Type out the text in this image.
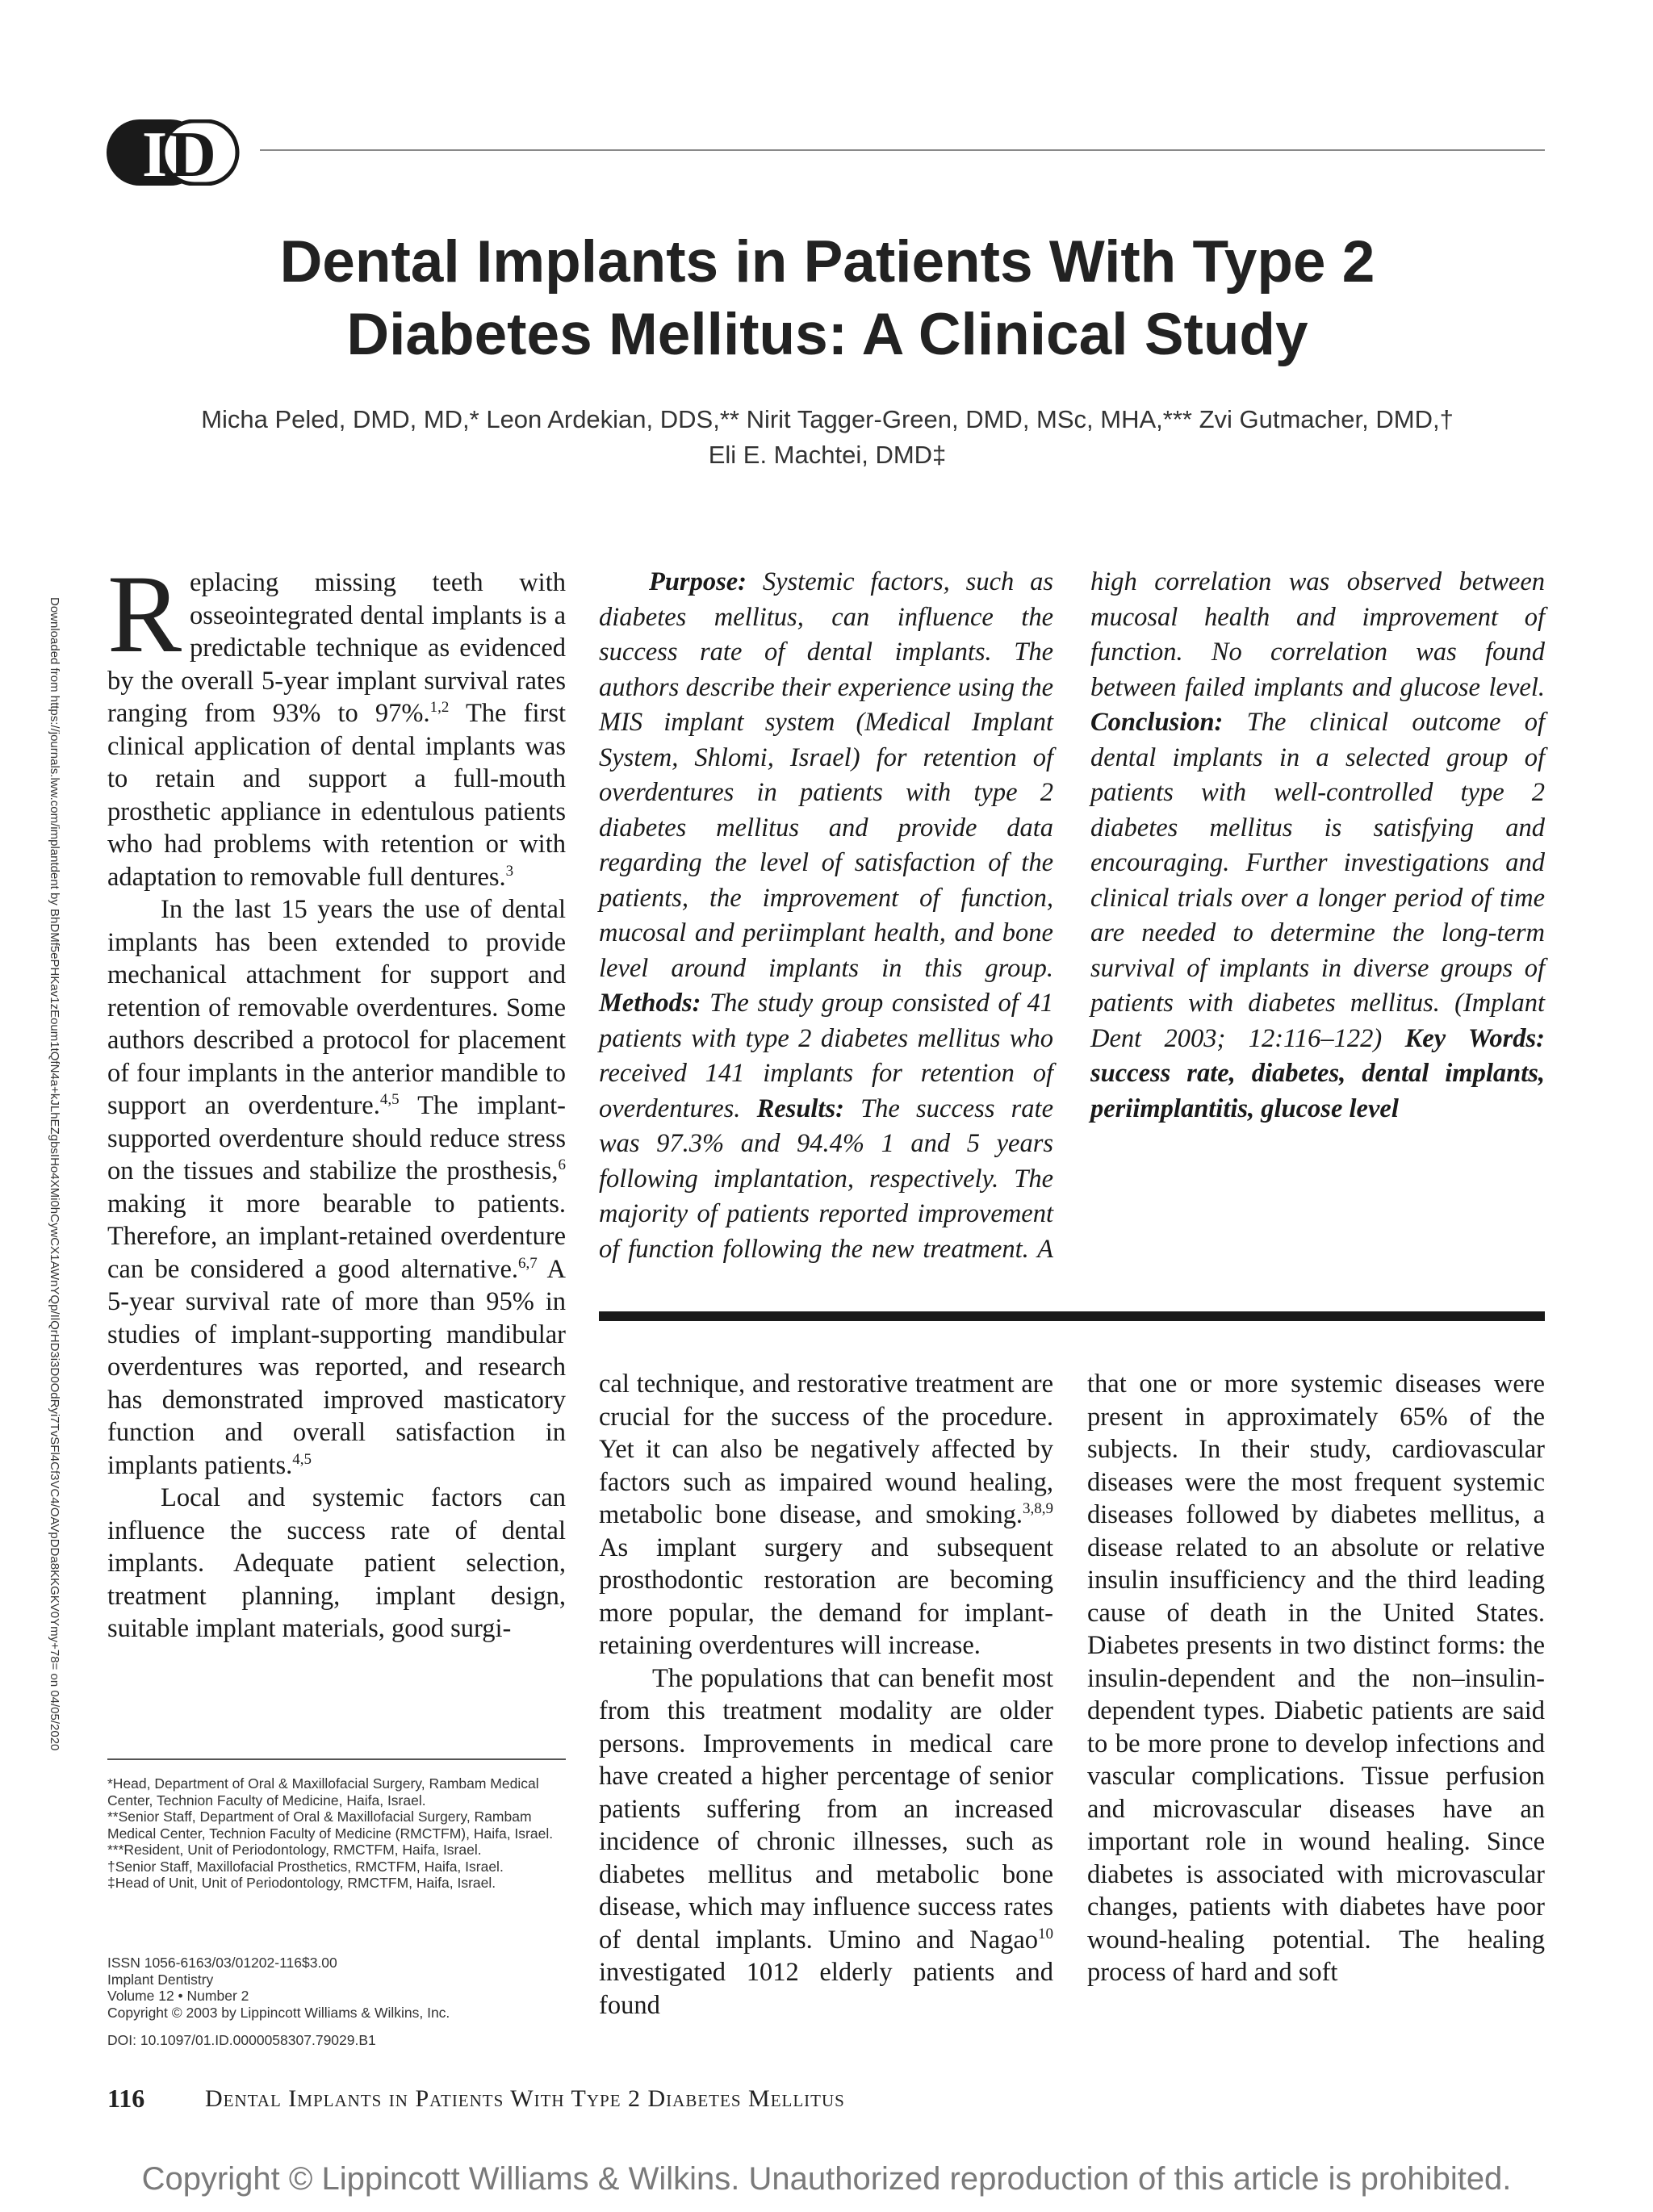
I D
Dental Implants in Patients With Type 2
Diabetes Mellitus: A Clinical Study
Micha Peled, DMD, MD,* Leon Ardekian, DDS,** Nirit Tagger-Green, DMD, MSc, MHA,*** Zvi Gutmacher, DMD,†
Eli E. Machtei, DMD‡
Downloaded from https://journals.lww.com/implantdent by BhDMf5ePHKav1zEoum1tQfN4a+kJLhEZgbsIHo4XMi0hCywCX1AWnYQp/IlQrHD3i3D0OdRyi7TvSFl4Cf3VC4/OAVpDDa8KKGKV0Ymy+78= on 04/05/2020 Replacing missing teeth with osseointegrated dental implants is a predictable technique as evidenced by the overall 5-year implant survival rates ranging from 93% to 97%.$^{1,2}$ The first clinical application of dental implants was to retain and support a full-mouth prosthetic appliance in edentulous patients who had problems with retention or with adaptation to removable full dentures.$^3$

In the last 15 years the use of dental implants has been extended to provide mechanical attachment for support and retention of removable overdentures. Some authors described a protocol for placement of four implants in the anterior mandible to support an overdenture.$^{4,5}$ The implant-supported overdenture should reduce stress on the tissues and stabilize the prosthesis,$^6$ making it more bearable to patients. Therefore, an implant-retained overdenture can be considered a good alternative.$^{6,7}$ A 5-year survival rate of more than 95% in studies of implant-supporting mandibular overdentures was reported, and research has demonstrated improved masticatory function and overall satisfaction in implants patients.$^{4,5}$

Local and systemic factors can influence the success rate of dental implants. Adequate patient selection, treatment planning, implant design, suitable implant materials, good surgi-

Purpose: Systemic factors, such as diabetes mellitus, can influence the success rate of dental implants. The authors describe their experience using the MIS implant system (Medical Implant System, Shlomi, Israel) for retention of overdentures in patients with type 2 diabetes mellitus and provide data regarding the level of satisfaction of the patients, the improvement of function, mucosal and periimplant health, and bone level around implants in this group. Methods: The study group consisted of 41 patients with type 2 diabetes mellitus who received 141 implants for retention of overdentures. Results: The success rate was 97.3% and 94.4% 1 and 5 years following implantation, respectively. The majority of patients reported improvement of function following the new treatment. A high correlation was observed between mucosal health and improvement of function. No correlation was found between failed implants and glucose level. Conclusion: The clinical outcome of dental implants in a selected group of patients with well-controlled type 2 diabetes mellitus is satisfying and encouraging. Further investigations and clinical trials over a longer period of time are needed to determine the long-term survival of implants in diverse groups of patients with diabetes mellitus. (Implant Dent 2003; 12:116–122) Key Words: success rate, diabetes, dental implants, periimplantitis, glucose level

cal technique, and restorative treatment are crucial for the success of the procedure. Yet it can also be negatively affected by factors such as impaired wound healing, metabolic bone disease, and smoking.$^{3,8,9}$ As implant surgery and subsequent prosthodontic restoration are becoming more popular, the demand for implant-retaining overdentures will increase.

The populations that can benefit most from this treatment modality are older persons. Improvements in medical care have created a higher percentage of senior patients suffering from an increased incidence of chronic illnesses, such as diabetes mellitus and metabolic bone disease, which may influence success rates of dental implants. Umino and Nagao$^{10}$ investigated 1012 elderly patients and found

that one or more systemic diseases were present in approximately 65% of the subjects. In their study, cardiovascular diseases were the most frequent systemic diseases followed by diabetes mellitus, a disease related to an absolute or relative insulin insufficiency and the third leading cause of death in the United States. Diabetes presents in two distinct forms: the insulin-dependent and the non–insulin-dependent types. Diabetic patients are said to be more prone to develop infections and vascular complications. Tissue perfusion and microvascular diseases have an important role in wound healing. Since diabetes is associated with microvascular changes, patients with diabetes have poor wound-healing potential. The healing process of hard and soft

*Head, Department of Oral & Maxillofacial Surgery, Rambam Medical Center, Technion Faculty of Medicine, Haifa, Israel.

**Senior Staff, Department of Oral & Maxillofacial Surgery, Rambam Medical Center, Technion Faculty of Medicine (RMCTFM), Haifa, Israel.

***Resident, Unit of Periodontology, RMCTFM, Haifa, Israel.

†Senior Staff, Maxillofacial Prosthetics, RMCTFM, Haifa, Israel.

‡Head of Unit, Unit of Periodontology, RMCTFM, Haifa, Israel.

ISSN 1056-6163/03/01202-116$3.00
Implant Dentistry
Volume 12 • Number 2
Copyright © 2003 by Lippincott Williams & Wilkins, Inc.
DOI: 10.1097/01.ID.0000058307.79029.B1
116 Dental Implants in Patients With Type 2 Diabetes Mellitus
Copyright © Lippincott Williams & Wilkins. Unauthorized reproduction of this article is prohibited.
